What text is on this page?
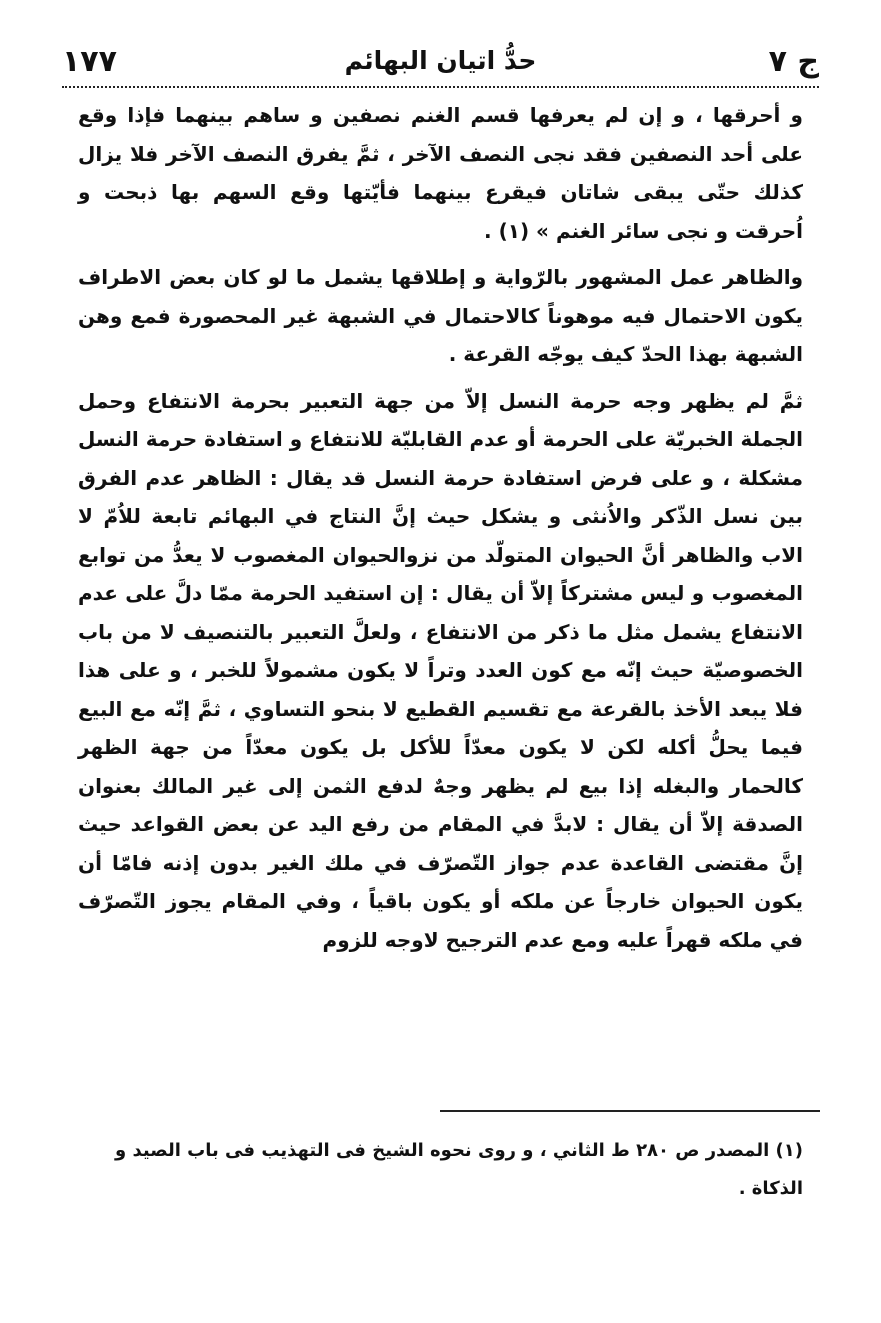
ج ٧
حدُّ اتيان البهائم
١٧٧

و أحرقها ، و إن لم يعرفها قسم الغنم نصفين و ساهم بينهما فإذا وقع على أحد النصفين فقد نجى النصف الآخر ، ثمَّ يفرق النصف الآخر فلا يزال كذلك حتّى يبقى شاتان فيقرع بينهما فأيّتها وقع السهم بها ذبحت و اُحرقت و نجى سائر الغنم » (١) .

والظاهر عمل المشهور بالرّواية و إطلاقها يشمل ما لو كان بعض الاطراف يكون الاحتمال فيه موهوناً كالاحتمال في الشبهة غير المحصورة فمع وهن الشبهة بهذا الحدّ كيف يوجّه القرعة .

ثمَّ لم يظهر وجه حرمة النسل إلاّ من جهة التعبير بحرمة الانتفاع وحمل الجملة الخبريّة على الحرمة أو عدم القابليّة للانتفاع و استفادة حرمة النسل مشكلة ، و على فرض استفادة حرمة النسل قد يقال : الظاهر عدم الفرق بين نسل الذّكر والاُنثى و يشكل حيث إنَّ النتاج في البهائم تابعة للاُمّ لا الاب والظاهر أنَّ الحيوان المتولّد من نزوالحيوان المغصوب لا يعدُّ من توابع المغصوب و ليس مشتركاً إلاّ أن يقال : إن استفيد الحرمة ممّا دلَّ على عدم الانتفاع يشمل مثل ما ذكر من الانتفاع ، ولعلَّ التعبير بالتنصيف لا من باب الخصوصيّة حيث إنّه مع كون العدد وتراً لا يكون مشمولاً للخبر ، و على هذا فلا يبعد الأخذ بالقرعة مع تقسيم القطيع لا بنحو التساوي ، ثمَّ إنّه مع البيع فيما يحلُّ أكله لكن لا يكون معدّاً للأكل بل يكون معدّاً من جهة الظهر كالحمار والبغله إذا بيع لم يظهر وجهٌ لدفع الثمن إلى غير المالك بعنوان الصدقة إلاّ أن يقال : لابدَّ في المقام من رفع اليد عن بعض القواعد حيث إنَّ مقتضى القاعدة عدم جواز التّصرّف في ملك الغير بدون إذنه فامّا أن يكون الحيوان خارجاً عن ملكه أو يكون باقياً ، وفي المقام يجوز التّصرّف في ملكه قهراً عليه ومع عدم الترجيح لاوجه للزوم

(١) المصدر ص ٢٨٠ ط الثاني ، و روى نحوه الشيخ فى التهذيب فى باب الصيد و الذكاة .
